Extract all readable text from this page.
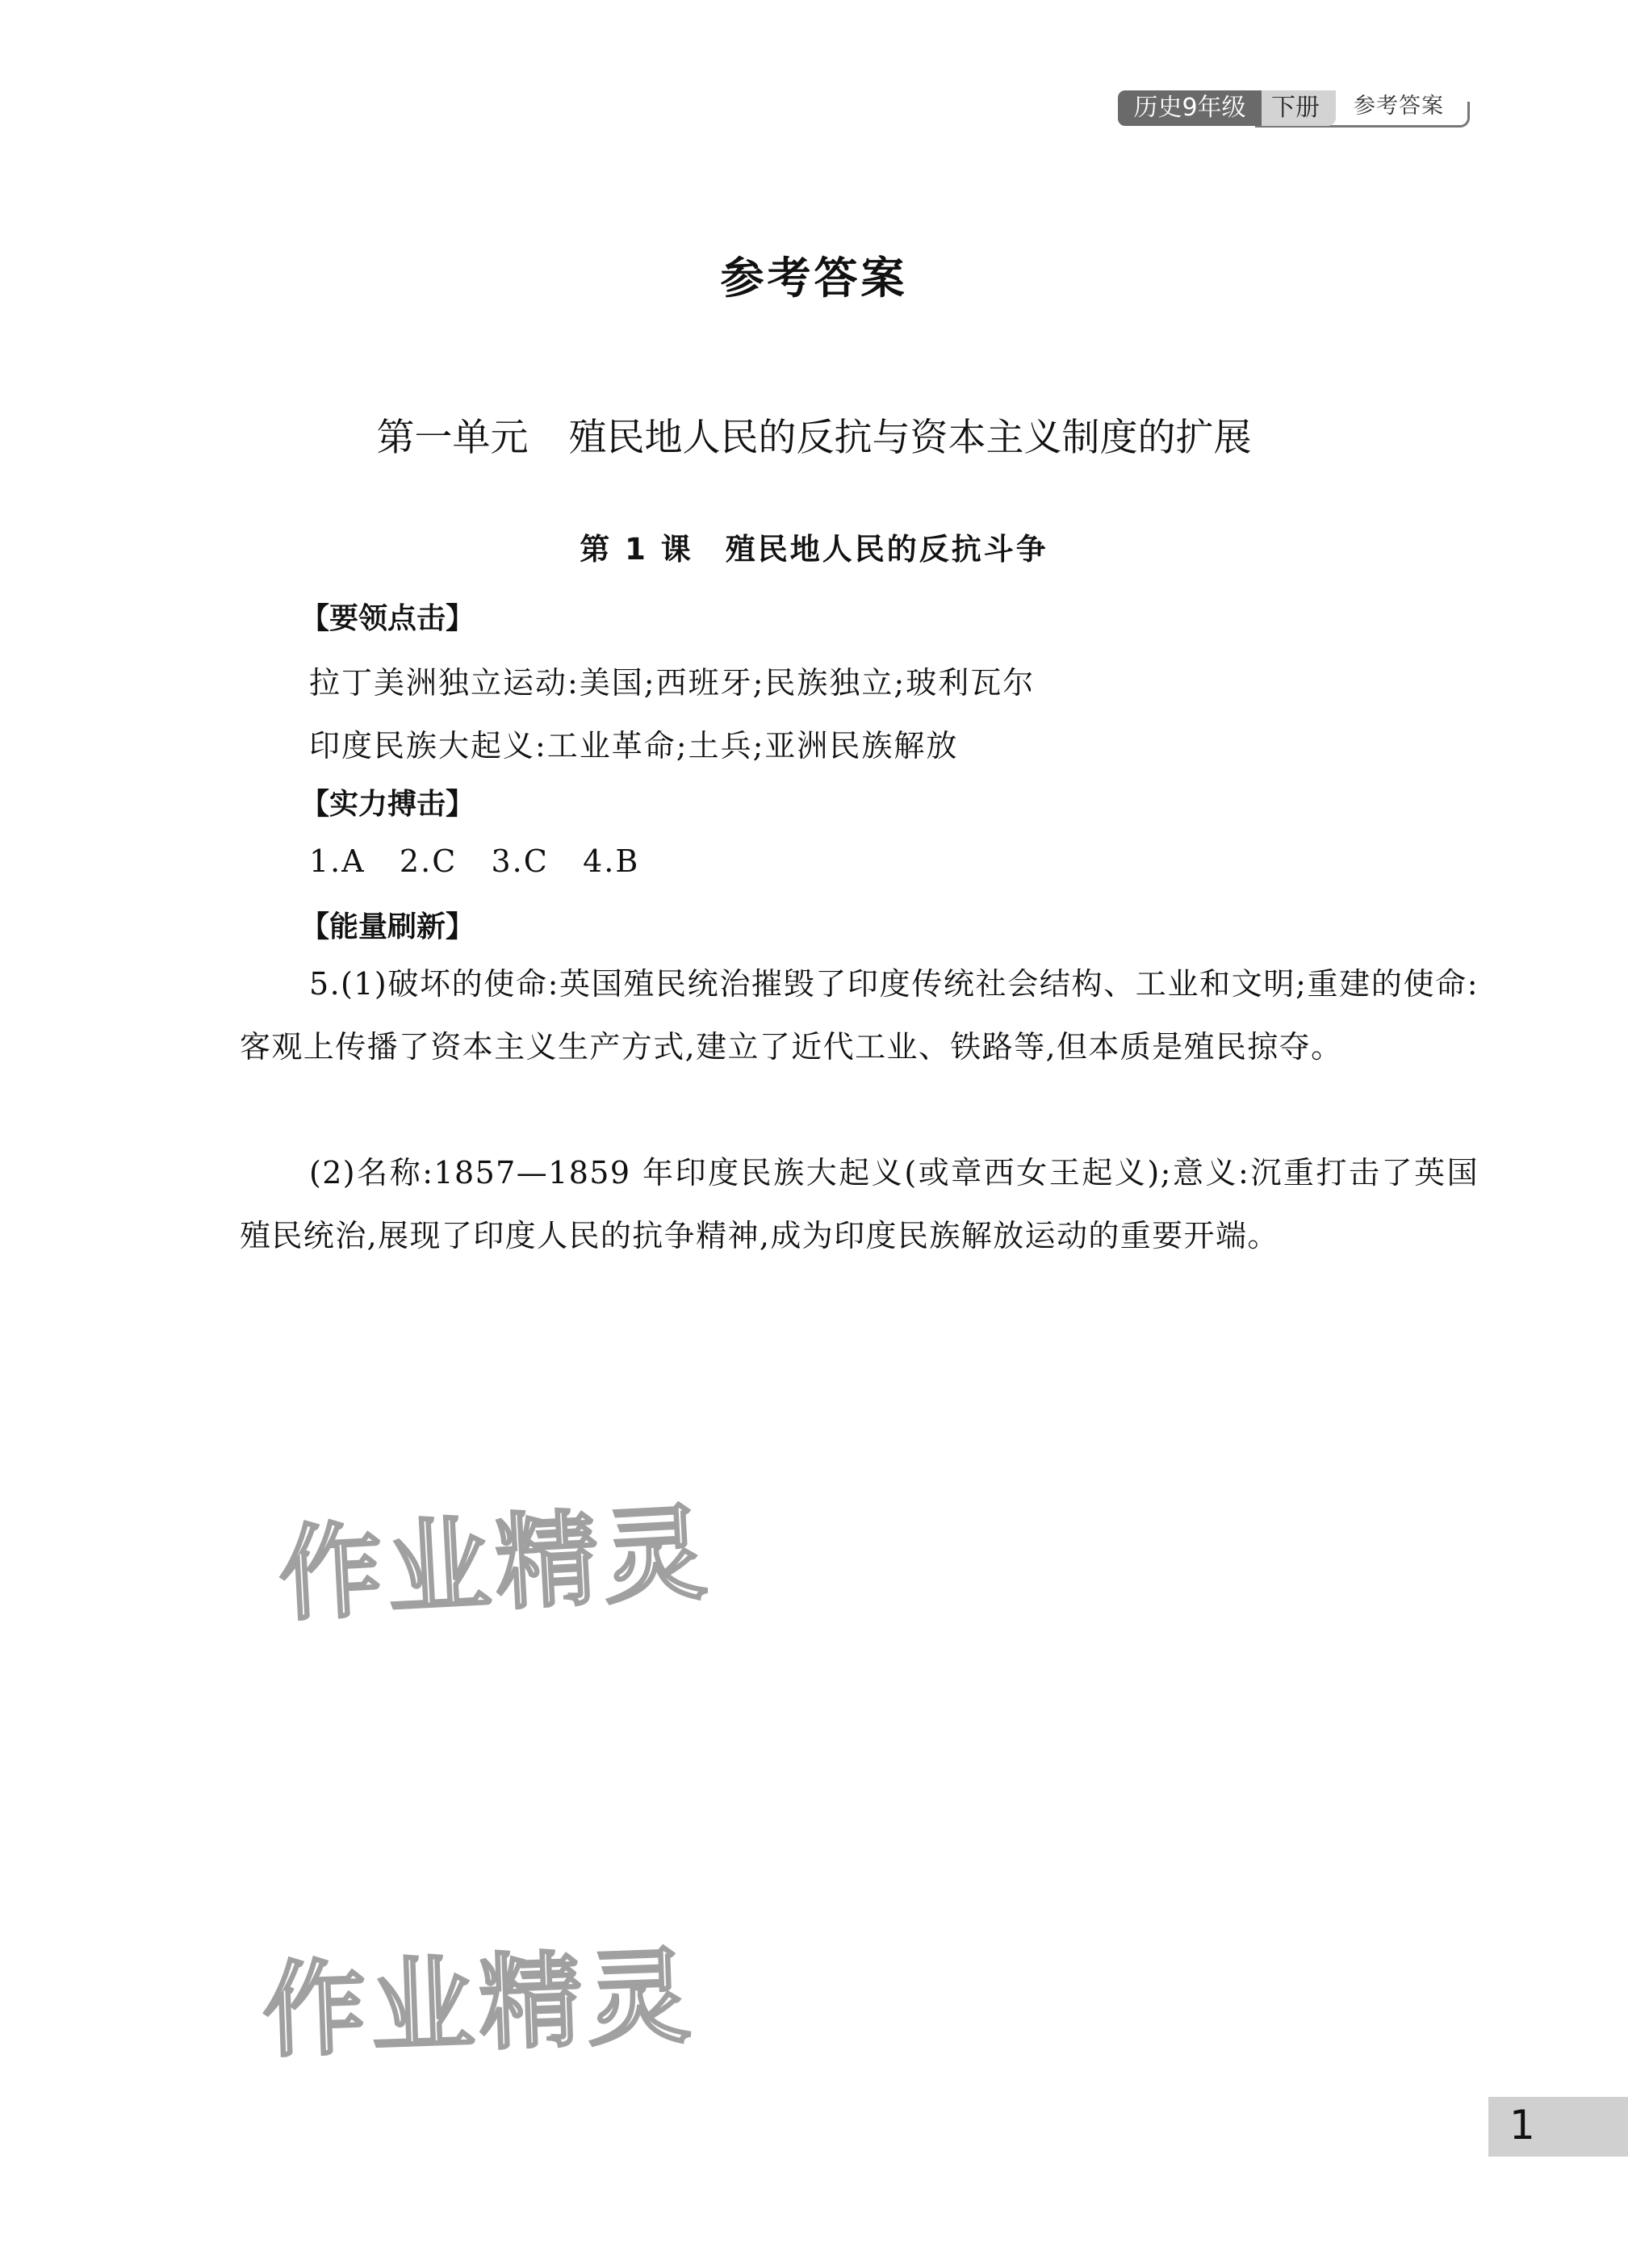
下册
历史9年级	参考答案
参考答案
第一单元 殖民地人民的反抗与资本主义制度的扩展
第 1 课 殖民地人民的反抗斗争
【要领点击】
拉丁美洲独立运动:美国;西班牙;民族独立;玻利瓦尔
印度民族大起义:工业革命;土兵;亚洲民族解放
【实力搏击】
1.A   2.C   3.C   4.B
【能量刷新】
5.(1)破坏的使命:英国殖民统治摧毁了印度传统社会结构、工业和文明;重建的使命:客观上传播了资本主义生产方式,建立了近代工业、铁路等,但本质是殖民掠夺。
(2)名称:1857—1859 年印度民族大起义(或章西女王起义);意义:沉重打击了英国殖民统治,展现了印度人民的抗争精神,成为印度民族解放运动的重要开端。
作业精灵
作业精灵
1
